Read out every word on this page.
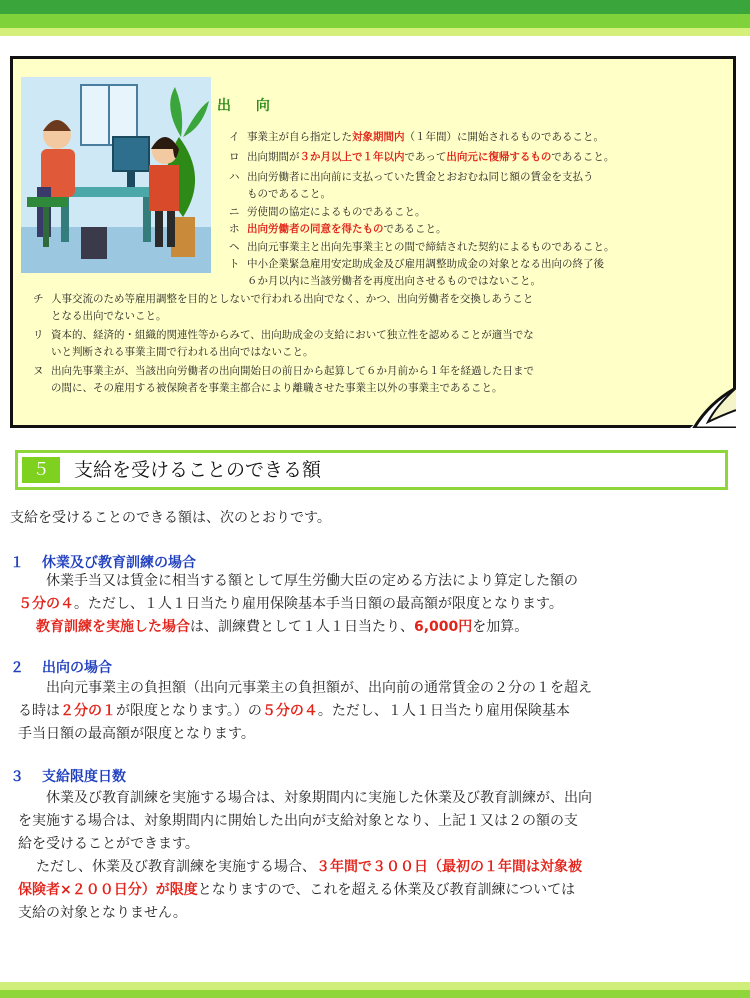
出 向
イ 事業主が自ら指定した対象期間内（１年間）に開始されるものであること。
ロ 出向期間が３か月以上で１年以内であって出向元に復帰するものであること。
ハ 出向労働者に出向前に支払っていた賃金とおおむね同じ額の賃金を支払う
ものであること。
ニ 労使間の協定によるものであること。
ホ 出向労働者の同意を得たものであること。
ヘ 出向元事業主と出向先事業主との間で締結された契約によるものであること。
ト 中小企業緊急雇用安定助成金及び雇用調整助成金の対象となる出向の終了後
６か月以内に当該労働者を再度出向させるものではないこと。
チ 人事交流のため等雇用調整を目的としないで行われる出向でなく、かつ、出向労働者を交換しあうこと
となる出向でないこと。
リ 資本的、経済的・組織的関連性等からみて、出向助成金の支給において独立性を認めることが適当でな
いと判断される事業主間で行われる出向ではないこと。
ヌ 出向先事業主が、当該出向労働者の出向開始日の前日から起算して６か月前から１年を経過した日まで
の間に、その雇用する被保険者を事業主都合により離職させた事業主以外の事業主であること。
５	支給を受けることのできる額
支給を受けることのできる額は、次のとおりです。
１ 休業及び教育訓練の場合
休業手当又は賃金に相当する額として厚生労働大臣の定める方法により算定した額の
５分の４。ただし、１人１日当たり雇用保険基本手当日額の最高額が限度となります。
教育訓練を実施した場合は、訓練費として１人１日当たり、6,000円を加算。
２ 出向の場合
出向元事業主の負担額（出向元事業主の負担額が、出向前の通常賃金の２分の１を超え
る時は２分の１が限度となります。）の５分の４。ただし、１人１日当たり雇用保険基本
手当日額の最高額が限度となります。
３ 支給限度日数
休業及び教育訓練を実施する場合は、対象期間内に実施した休業及び教育訓練が、出向
を実施する場合は、対象期間内に開始した出向が支給対象となり、上記１又は２の額の支
給を受けることができます。
ただし、休業及び教育訓練を実施する場合、３年間で３００日（最初の１年間は対象被
保険者×２００日分）が限度となりますので、これを超える休業及び教育訓練については
支給の対象となりません。
